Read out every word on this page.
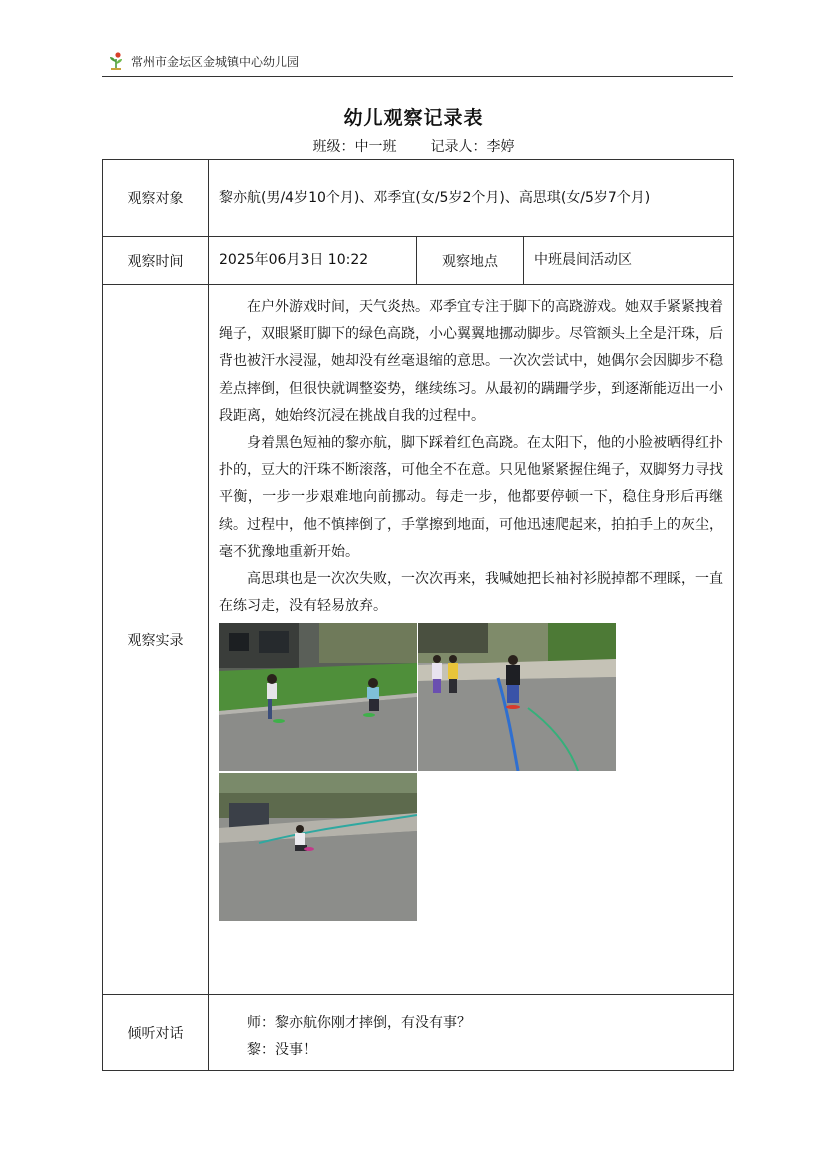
常州市金坛区金城镇中心幼儿园
幼儿观察记录表
班级：中一班 记录人：李婷
观察对象	黎亦航(男/4岁10个月)、邓季宜(女/5岁2个月)、高思琪(女/5岁7个月)		
观察时间	2025年06月3日 10:22	观察地点	中班晨间活动区
观察实录	在户外游戏时间，天气炎热。邓季宜专注于脚下的高跷游戏。她双手紧紧拽着绳子，双眼紧盯脚下的绿色高跷，小心翼翼地挪动脚步。尽管额头上全是汗珠，后背也被汗水浸湿，她却没有丝毫退缩的意思。一次次尝试中，她偶尔会因脚步不稳差点摔倒，但很快就调整姿势，继续练习。从最初的蹒跚学步，到逐渐能迈出一小段距离，她始终沉浸在挑战自我的过程中。

身着黑色短袖的黎亦航，脚下踩着红色高跷。在太阳下，他的小脸被晒得红扑扑的，豆大的汗珠不断滚落，可他全不在意。只见他紧紧握住绳子，双脚努力寻找平衡，一步一步艰难地向前挪动。每走一步，他都要停顿一下，稳住身形后再继续。过程中，他不慎摔倒了，手掌擦到地面，可他迅速爬起来，拍拍手上的灰尘，毫不犹豫地重新开始。

高思琪也是一次次失败，一次次再来，我喊她把长袖衬衫脱掉都不理睬，一直在练习走，没有轻易放弃。		

倾听对话	师：黎亦航你刚才摔倒，有没有事？

黎：没事！		
